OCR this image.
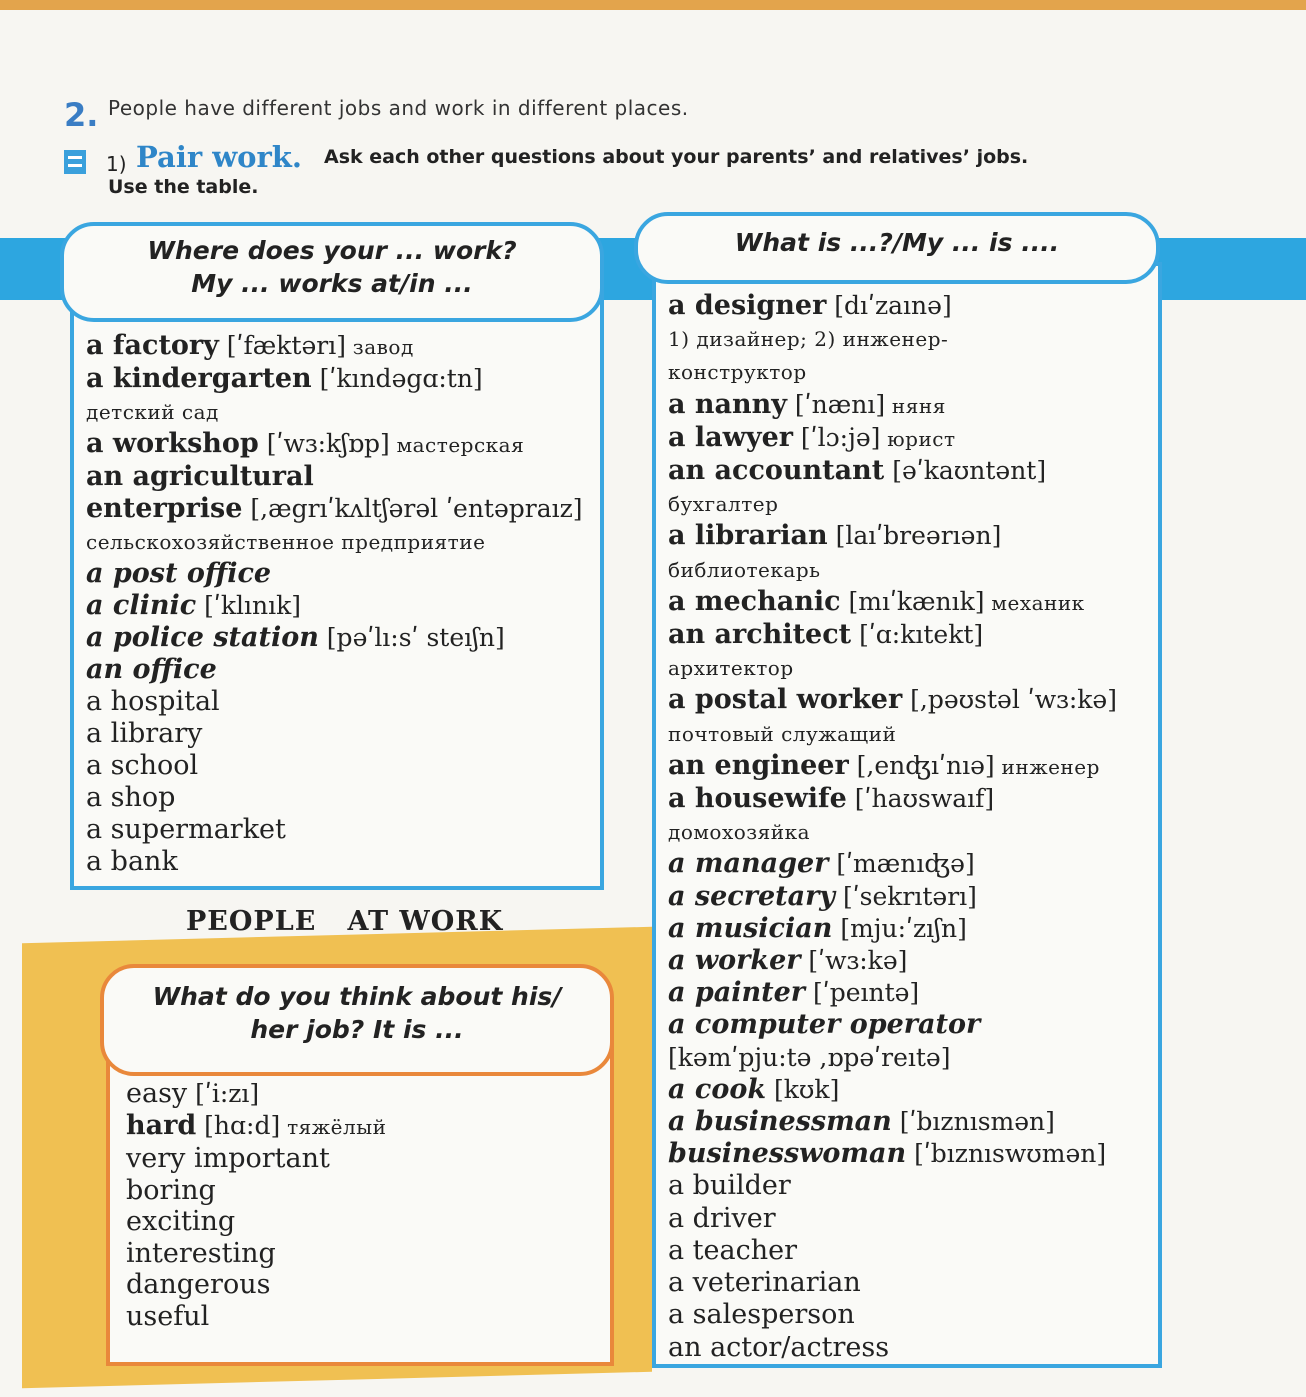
2. People have different jobs and work in different places.
1) Pair work. Ask each other questions about your parents’ and relatives’ jobs.
Use the table.
Where does your ... work?
My ... works at/in ...
a factory [ʹfæktərı] завод
a kindergarten [ʹkındəgɑ:tn]
детский сад
a workshop [ʹwɜ:kʃɒp] мастерская
an agricultural
enterprise [,ægrıʹkʌltʃərəl ʹentəpraız]
сельскохозяйственное предприятие
a post office
a clinic [ʹklınık]
a police station [pəʹlı:sʹ steıʃn]
an office
a hospital
a library
a school
a shop
a supermarket
a bank
PEOPLE   AT WORK
What do you think about his/
her job? It is ...
easy [ʹi:zı]
hard [hɑ:d] тяжёлый
very important
boring
exciting
interesting
dangerous
useful
What is ...?/My ... is ....
a designer [dıʹzaınə]
1) дизайнер; 2) инженер-
конструктор
a nanny [ʹnænı] няня
a lawyer [ʹlɔ:jə] юрист
an accountant [əʹkaʊntənt]
бухгалтер
a librarian [laıʹbreərıən]
библиотекарь
a mechanic [mıʹkænık] механик
an architect [ʹɑ:kıtekt]
архитектор
a postal worker [,pəʊstəl ʹwɜ:kə]
почтовый служащий
an engineer [,enʤıʹnıə] инженер
a housewife [ʹhaʊswaıf]
домохозяйка
a manager [ʹmænıʤə]
a secretary [ʹsekrıtərı]
a musician [mju:ʹzıʃn]
a worker [ʹwɜ:kə]
a painter [ʹpeıntə]
a computer operator
[kəmʹpju:tə ,ɒpəʹreıtə]
a cook [kʊk]
a businessman [ʹbıznısmən]
businesswoman [ʹbıznıswʊmən]
a builder
a driver
a teacher
a veterinarian
a salesperson
an actor/actress
